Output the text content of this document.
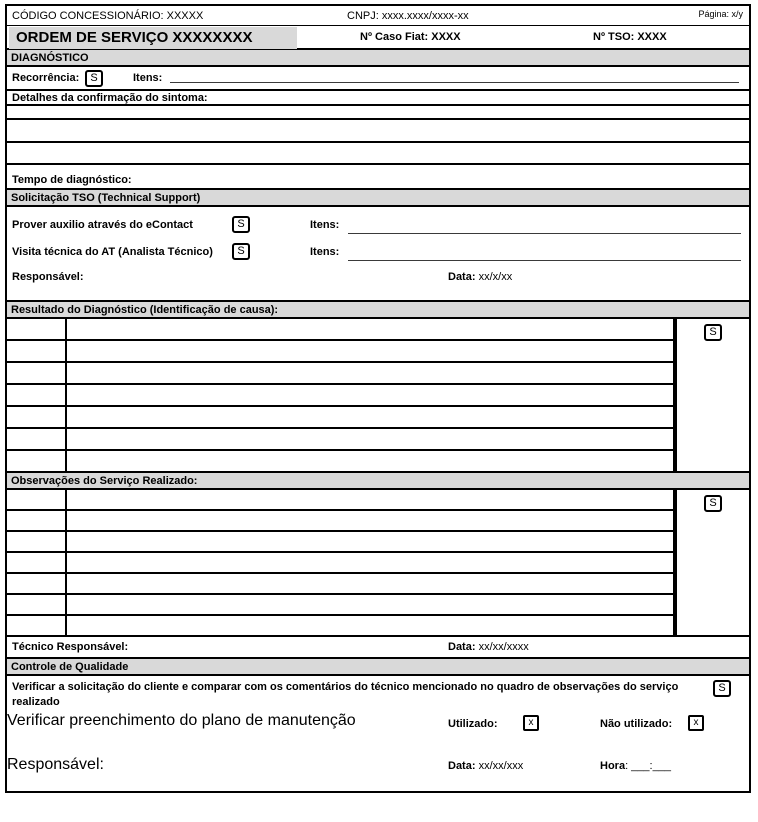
CÓDIGO CONCESSIONÁRIO: XXXXX	CNPJ: xxxx.xxxx/xxxx-xx	Página: x/y
ORDEM DE SERVIÇO XXXXXXXX	Nº Caso Fiat: XXXX	Nº TSO: XXXX
DIAGNÓSTICO
Recorrência:	S	Itens:
Detalhes da confirmação do sintoma:
Tempo de diagnóstico:
Solicitação TSO (Technical Support)
Prover auxilio através do eContact	S	Itens:
Visita técnica do AT (Analista Técnico)	S	Itens:
Responsável:	Data: xx/x/xx
Resultado do Diagnóstico (Identificação de causa):
S
Observações do Serviço Realizado:
S
Técnico Responsável:	Data: xx/xx/xxxx
Controle de Qualidade
Verificar a solicitação do cliente e comparar com os comentários do técnico mencionado no quadro de observações do serviço realizado
S
Verificar preenchimento do plano de manutenção	Utilizado:	x	Não utilizado:	x
Responsável:	Data: xx/xx/xxx	Hora: ___:___
